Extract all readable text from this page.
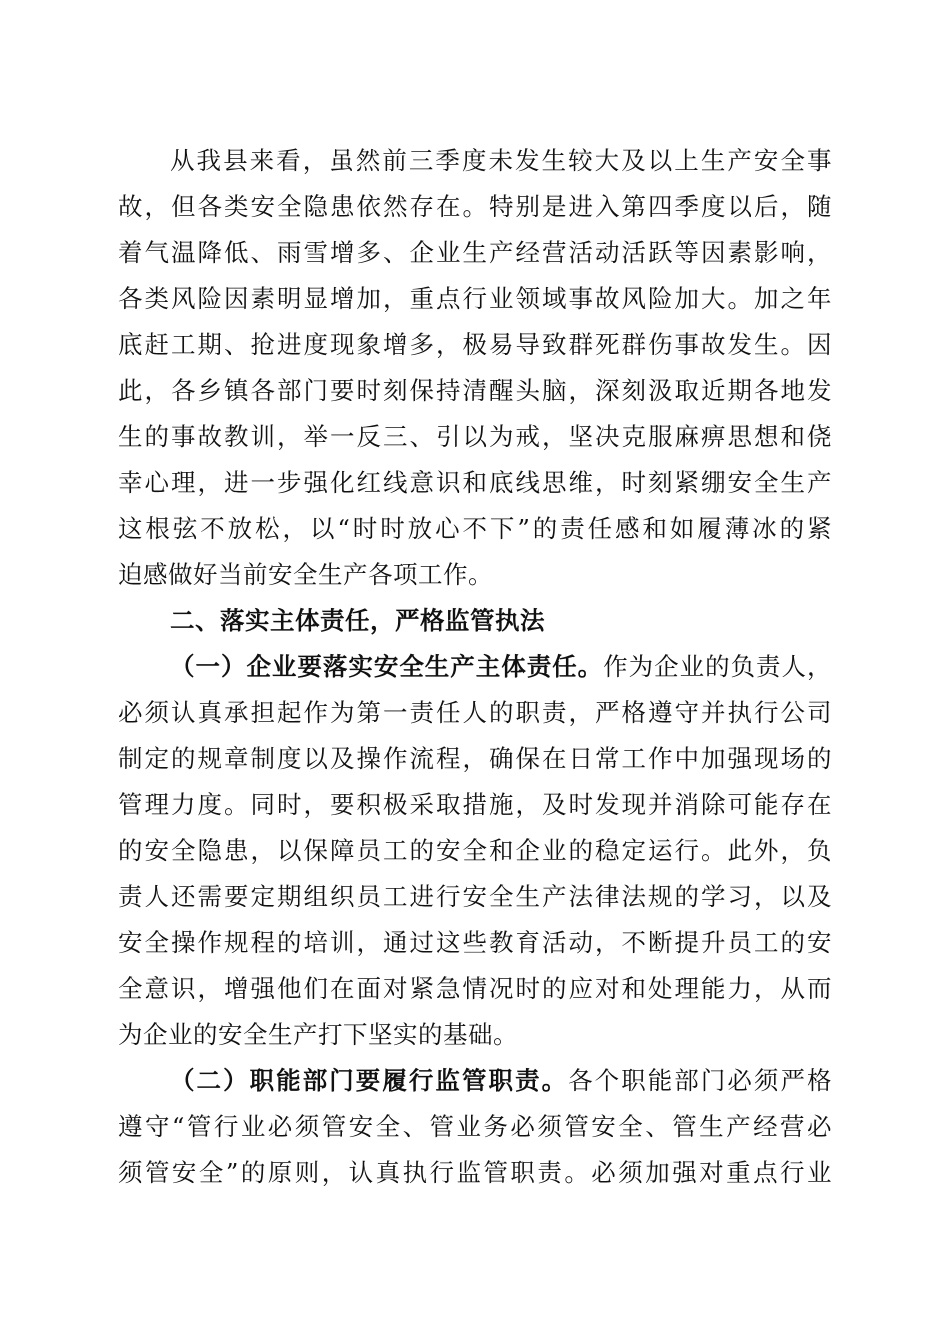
从我县来看，虽然前三季度未发生较大及以上生产安全事
故，但各类安全隐患依然存在。特别是进入第四季度以后，随
着气温降低、雨雪增多、企业生产经营活动活跃等因素影响，
各类风险因素明显增加，重点行业领域事故风险加大。加之年
底赶工期、抢进度现象增多，极易导致群死群伤事故发生。因
此，各乡镇各部门要时刻保持清醒头脑，深刻汲取近期各地发
生的事故教训，举一反三、引以为戒，坚决克服麻痹思想和侥
幸心理，进一步强化红线意识和底线思维，时刻紧绷安全生产
这根弦不放松，以“时时放心不下”的责任感和如履薄冰的紧
迫感做好当前安全生产各项工作。
二、落实主体责任，严格监管执法
（一）企业要落实安全生产主体责任。作为企业的负责人，
必须认真承担起作为第一责任人的职责，严格遵守并执行公司
制定的规章制度以及操作流程，确保在日常工作中加强现场的
管理力度。同时，要积极采取措施，及时发现并消除可能存在
的安全隐患，以保障员工的安全和企业的稳定运行。此外，负
责人还需要定期组织员工进行安全生产法律法规的学习，以及
安全操作规程的培训，通过这些教育活动，不断提升员工的安
全意识，增强他们在面对紧急情况时的应对和处理能力，从而
为企业的安全生产打下坚实的基础。
（二）职能部门要履行监管职责。各个职能部门必须严格
遵守“管行业必须管安全、管业务必须管安全、管生产经营必
须管安全”的原则，认真执行监管职责。必须加强对重点行业
